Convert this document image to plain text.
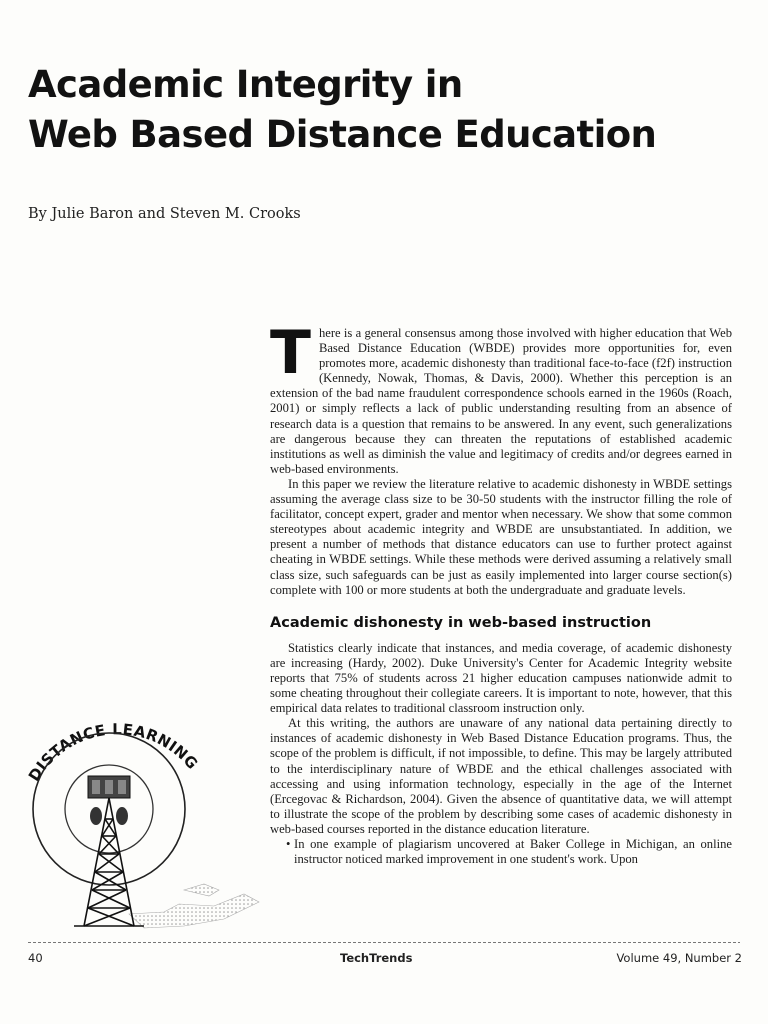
Academic Integrity in
Web Based Distance Education
By Julie Baron and Steven M. Crooks

There is a general consensus among those involved with higher education that Web Based Distance Education (WBDE) provides more opportunities for, even promotes more, academic dishonesty than traditional face-to-face (f2f) instruction (Kennedy, Nowak, Thomas, & Davis, 2000). Whether this perception is an extension of the bad name fraudulent correspondence schools earned in the 1960s (Roach, 2001) or simply reflects a lack of public understanding resulting from an absence of research data is a question that remains to be answered. In any event, such generalizations are dangerous because they can threaten the reputations of established academic institutions as well as diminish the value and legitimacy of credits and/or degrees earned in web-based environments.

In this paper we review the literature relative to academic dishonesty in WBDE settings assuming the average class size to be 30-50 students with the instructor filling the role of facilitator, concept expert, grader and mentor when necessary. We show that some common stereotypes about academic integrity and WBDE are unsubstantiated. In addition, we present a number of methods that distance educators can use to further protect against cheating in WBDE settings. While these methods were derived assuming a relatively small class size, such safeguards can be just as easily implemented into larger course section(s) complete with 100 or more students at both the undergraduate and graduate levels.

Academic dishonesty in web-based instruction

Statistics clearly indicate that instances, and media coverage, of academic dishonesty are increasing (Hardy, 2002). Duke University's Center for Academic Integrity website reports that 75% of students across 21 higher education campuses nationwide admit to some cheating throughout their collegiate careers. It is important to note, however, that this empirical data relates to traditional classroom instruction only.

At this writing, the authors are unaware of any national data pertaining directly to instances of academic dishonesty in Web Based Distance Education programs. Thus, the scope of the problem is difficult, if not impossible, to define. This may be largely attributed to the interdisciplinary nature of WBDE and the ethical challenges associated with accessing and using information technology, especially in the age of the Internet (Ercegovac & Richardson, 2004). Given the absence of quantitative data, we will attempt to illustrate the scope of the problem by describing some cases of academic dishonesty in web-based courses reported in the distance education literature.

• In one example of plagiarism uncovered at Baker College in Michigan, an online instructor noticed marked improvement in one student's work. Upon

DISTANCE LEARNING
40	TechTrends	Volume 49, Number 2
